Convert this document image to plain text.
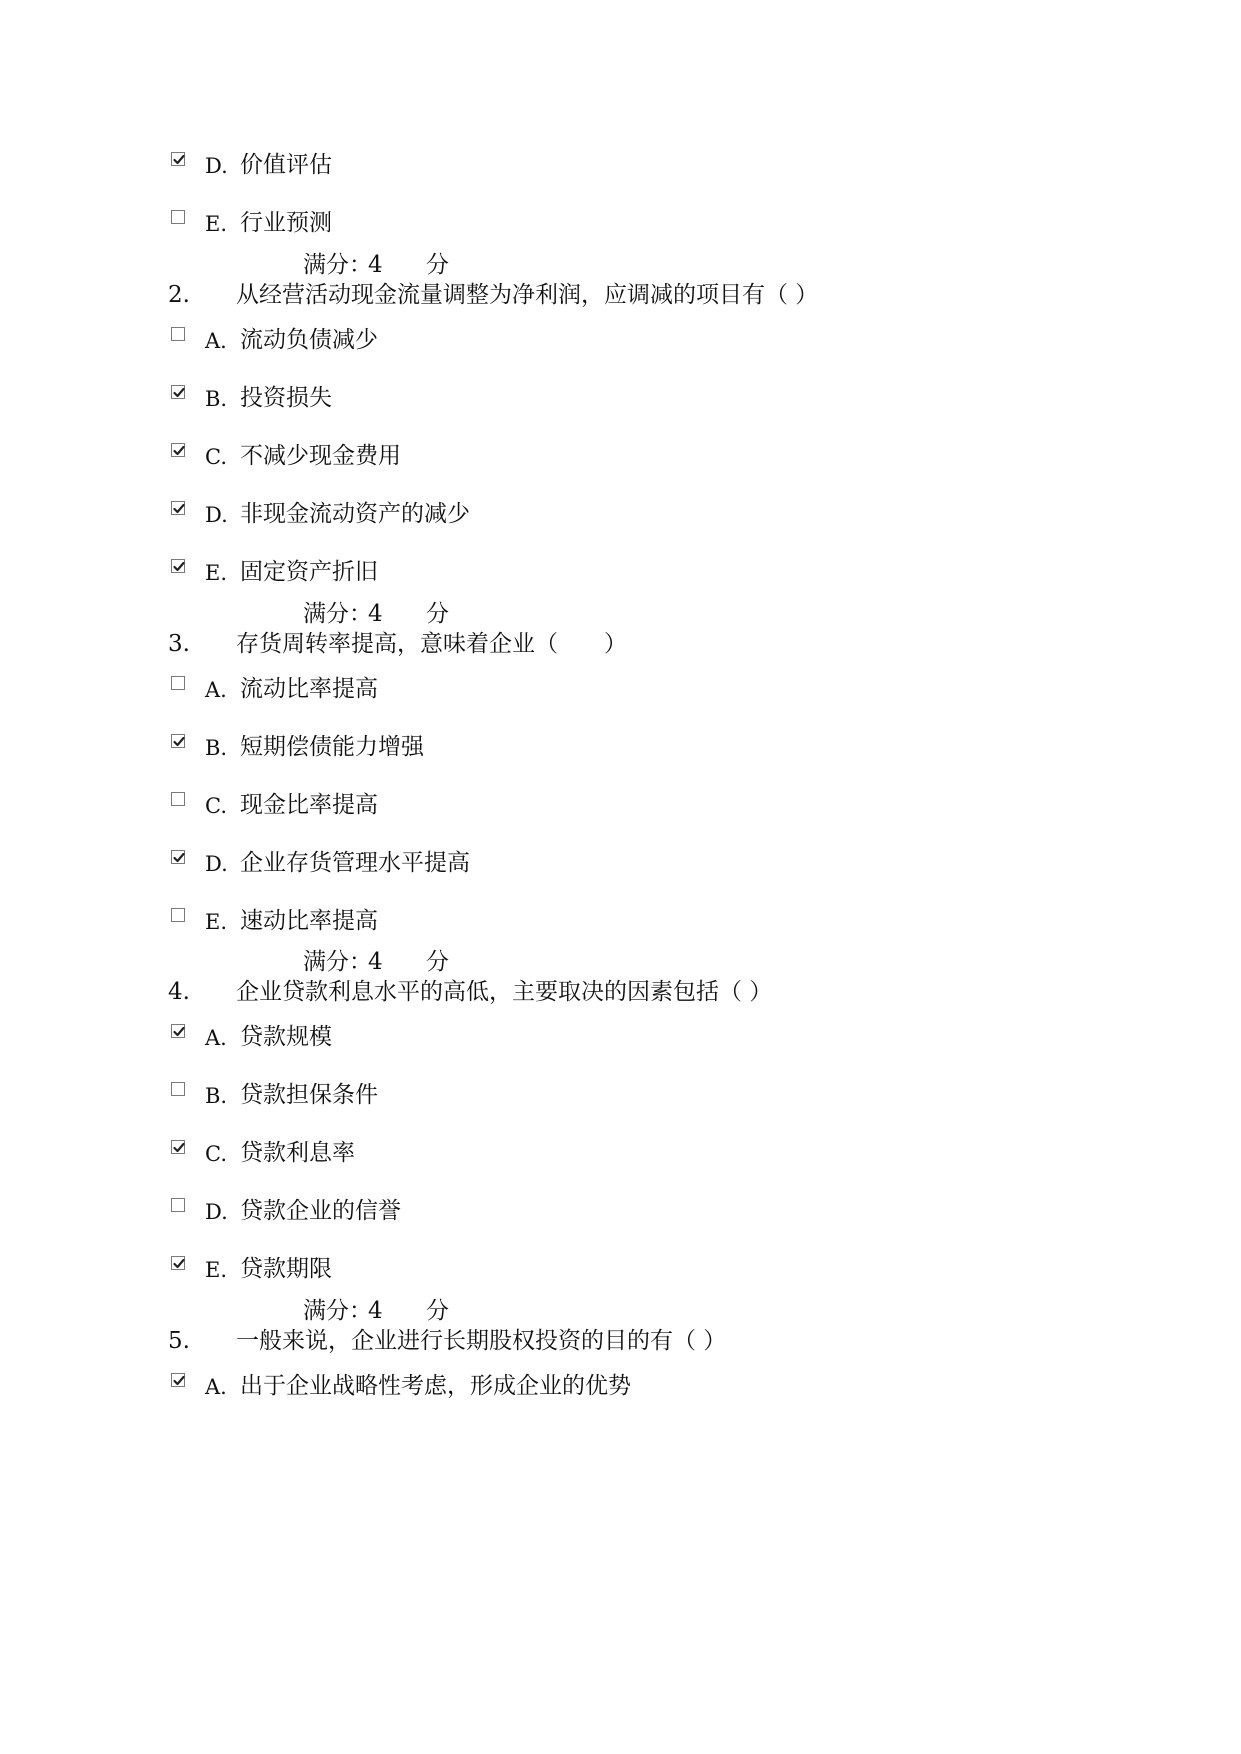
D. 价值评估
E. 行业预测
满分：
4 分
2. 从经营活动现金流量调整为净利润，应调减的项目有（ ）
A. 流动负债减少
B. 投资损失
C. 不减少现金费用
D. 非现金流动资产的减少
E. 固定资产折旧
满分：
4 分
3. 存货周转率提高，意味着企业（　　）
A. 流动比率提高
B. 短期偿债能力增强
C. 现金比率提高
D. 企业存货管理水平提高
E. 速动比率提高
满分：
4 分
4. 企业贷款利息水平的高低，主要取决的因素包括（ ）
A. 贷款规模
B. 贷款担保条件
C. 贷款利息率
D. 贷款企业的信誉
E. 贷款期限
满分：
4 分
5. 一般来说，企业进行长期股权投资的目的有（ ）
A. 出于企业战略性考虑，形成企业的优势
